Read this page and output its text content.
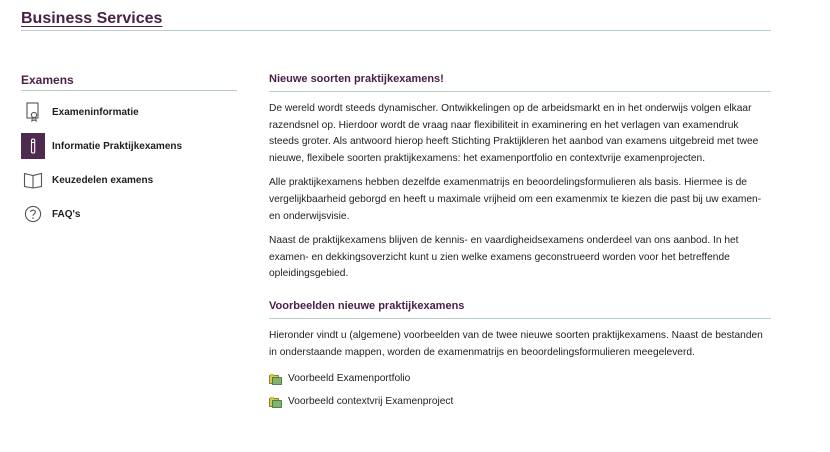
Business Services
Examens
Exameninformatie
Informatie Praktijkexamens
Keuzedelen examens
FAQ's
Nieuwe soorten praktijkexamens!

De wereld wordt steeds dynamischer. Ontwikkelingen op de arbeidsmarkt en in het onderwijs volgen elkaar razendsnel op. Hierdoor wordt de vraag naar flexibiliteit in examinering en het verlagen van examendruk steeds groter. Als antwoord hierop heeft Stichting Praktijkleren het aanbod van examens uitgebreid met twee nieuwe, flexibele soorten praktijkexamens: het examenportfolio en contextvrije examenprojecten.

Alle praktijkexamens hebben dezelfde examenmatrijs en beoordelingsformulieren als basis. Hiermee is de vergelijkbaarheid geborgd en heeft u maximale vrijheid om een examenmix te kiezen die past bij uw examen- en onderwijsvisie.

Naast de praktijkexamens blijven de kennis- en vaardigheidsexamens onderdeel van ons aanbod. In het examen- en dekkingsoverzicht kunt u zien welke examens geconstrueerd worden voor het betreffende opleidingsgebied.

Voorbeelden nieuwe praktijkexamens

Hieronder vindt u (algemene) voorbeelden van de twee nieuwe soorten praktijkexamens. Naast de bestanden in onderstaande mappen, worden de examenmatrijs en beoordelingsformulieren meegeleverd.

Voorbeeld Examenportfolio
Voorbeeld contextvrij Examenproject
